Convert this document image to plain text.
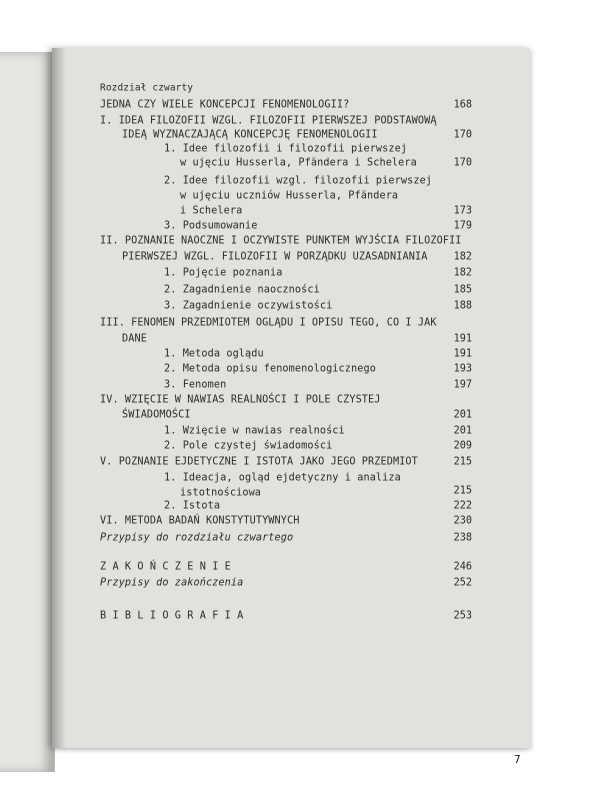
Rozdział czwarty
JEDNA CZY WIELE KONCEPCJI FENOMENOLOGII?	168
I. IDEA FILOZOFII WZGL. FILOZOFII PIERWSZEJ PODSTAWOWĄ
IDEĄ WYZNACZAJĄCĄ KONCEPCJĘ FENOMENOLOGII	170
1. Idee filozofii i filozofii pierwszej
w ujęciu Husserla, Pfändera i Schelera	170
2. Idee filozofii wzgl. filozofii pierwszej
w ujęciu uczniów Husserla, Pfändera
i Schelera	173
3. Podsumowanie	179
II. POZNANIE NAOCZNE I OCZYWISTE PUNKTEM WYJŚCIA FILOZOFII
PIERWSZEJ WZGL. FILOZOFII W PORZĄDKU UZASADNIANIA	182
1. Pojęcie poznania	182
2. Zagadnienie naoczności	185
3. Zagadnienie oczywistości	188
III. FENOMEN PRZEDMIOTEM OGLĄDU I OPISU TEGO, CO I JAK
DANE	191
1. Metoda oglądu	191
2. Metoda opisu fenomenologicznego	193
3. Fenomen	197
IV. WZIĘCIE W NAWIAS REALNOŚCI I POLE CZYSTEJ
ŚWIADOMOŚCI	201
1. Wzięcie w nawias realności	201
2. Pole czystej świadomości	209
V. POZNANIE EJDETYCZNE I ISTOTA JAKO JEGO PRZEDMIOT	215
1. Ideacja, ogląd ejdetyczny i analiza
istotnościowa	215
2. Istota	222
VI. METODA BADAŃ KONSTYTUTYWNYCH	230
Przypisy do rozdziału czwartego	238
Z A K O Ń C Z E N I E	246
Przypisy do zakończenia	252
B I B L I O G R A F I A	253
7
